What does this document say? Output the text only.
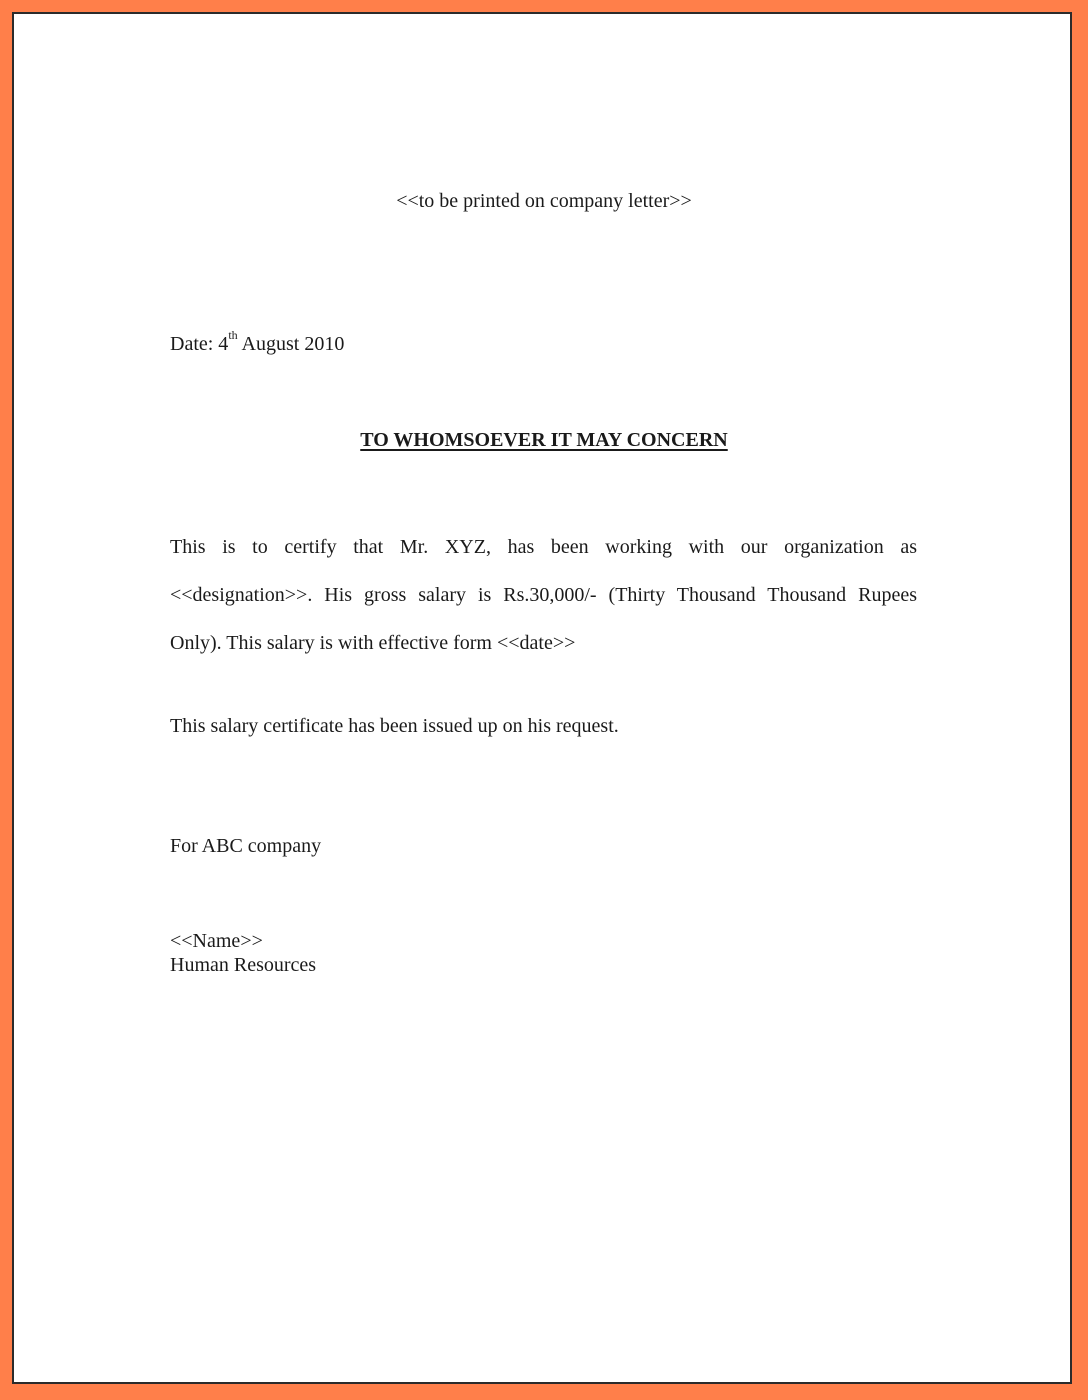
<<to be printed on company letter>>
Date: 4th August 2010
TO WHOMSOEVER IT MAY CONCERN
This is to certify that Mr. XYZ, has been working with our organization as
<<designation>>. His gross salary is Rs.30,000/- (Thirty Thousand Thousand Rupees
Only). This salary is with effective form <<date>>
This salary certificate has been issued up on his request.
For ABC company
<<Name>>
Human Resources
